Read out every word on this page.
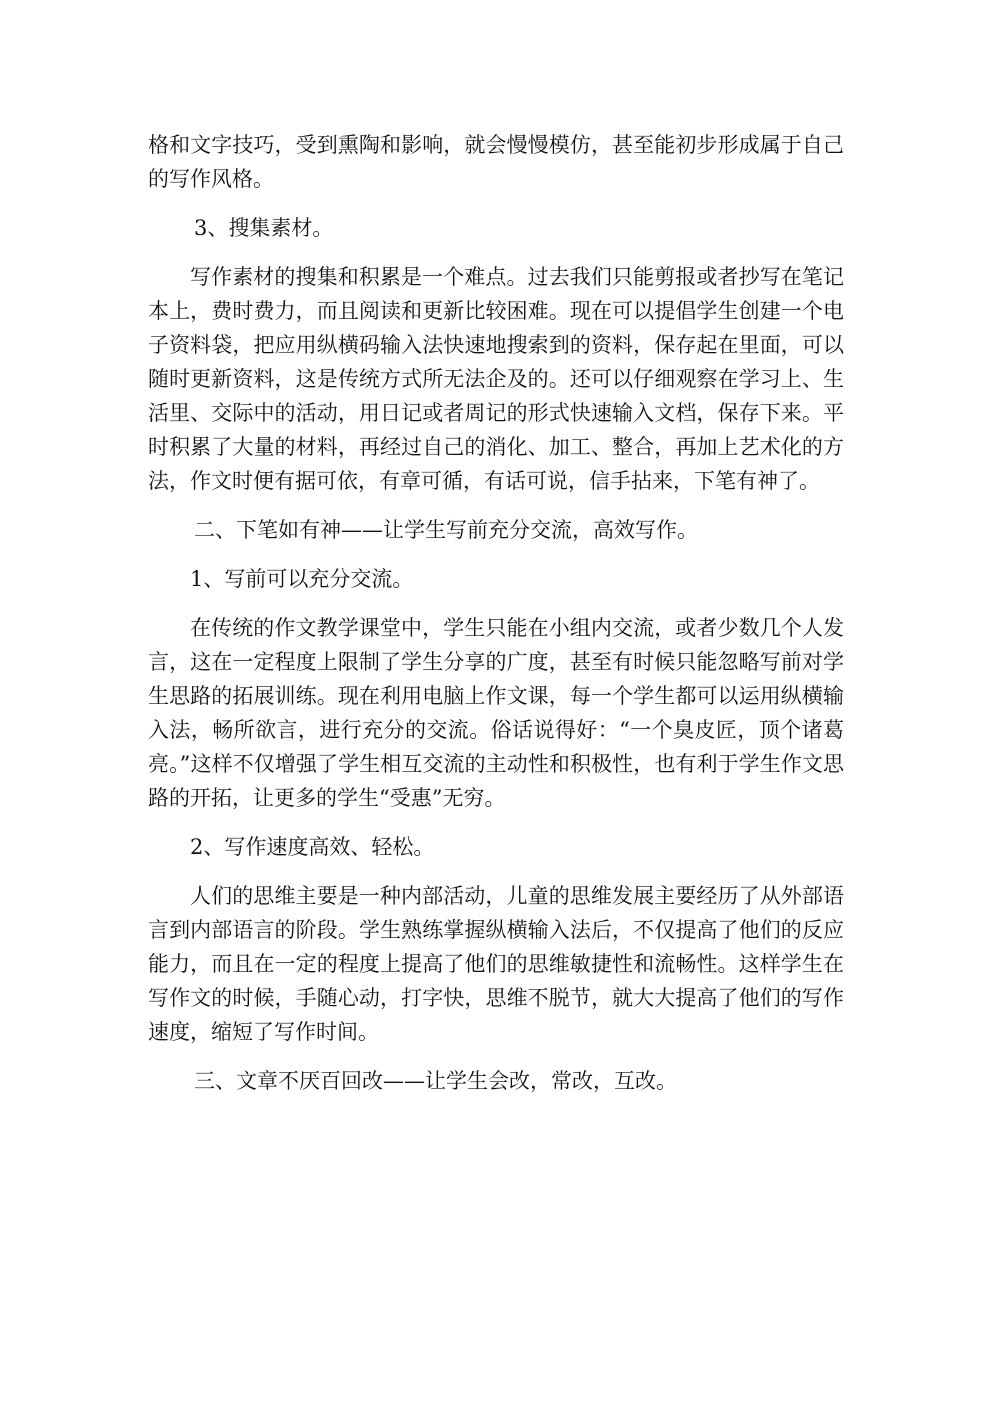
格和文字技巧，受到熏陶和影响，就会慢慢模仿，甚至能初步形成属于自己的写作风格。

3、搜集素材。

写作素材的搜集和积累是一个难点。过去我们只能剪报或者抄写在笔记本上，费时费力，而且阅读和更新比较困难。现在可以提倡学生创建一个电子资料袋，把应用纵横码输入法快速地搜索到的资料，保存起在里面，可以随时更新资料，这是传统方式所无法企及的。还可以仔细观察在学习上、生活里、交际中的活动，用日记或者周记的形式快速输入文档，保存下来。平时积累了大量的材料，再经过自己的消化、加工、整合，再加上艺术化的方法，作文时便有据可依，有章可循，有话可说，信手拈来，下笔有神了。

二、下笔如有神——让学生写前充分交流，高效写作。

1、写前可以充分交流。

在传统的作文教学课堂中，学生只能在小组内交流，或者少数几个人发言，这在一定程度上限制了学生分享的广度，甚至有时候只能忽略写前对学生思路的拓展训练。现在利用电脑上作文课，每一个学生都可以运用纵横输入法，畅所欲言，进行充分的交流。俗话说得好：“一个臭皮匠，顶个诸葛亮。”这样不仅增强了学生相互交流的主动性和积极性，也有利于学生作文思路的开拓，让更多的学生“受惠”无穷。

2、写作速度高效、轻松。

人们的思维主要是一种内部活动，儿童的思维发展主要经历了从外部语言到内部语言的阶段。学生熟练掌握纵横输入法后，不仅提高了他们的反应能力，而且在一定的程度上提高了他们的思维敏捷性和流畅性。这样学生在写作文的时候，手随心动，打字快，思维不脱节，就大大提高了他们的写作速度，缩短了写作时间。

三、文章不厌百回改——让学生会改，常改，互改。
